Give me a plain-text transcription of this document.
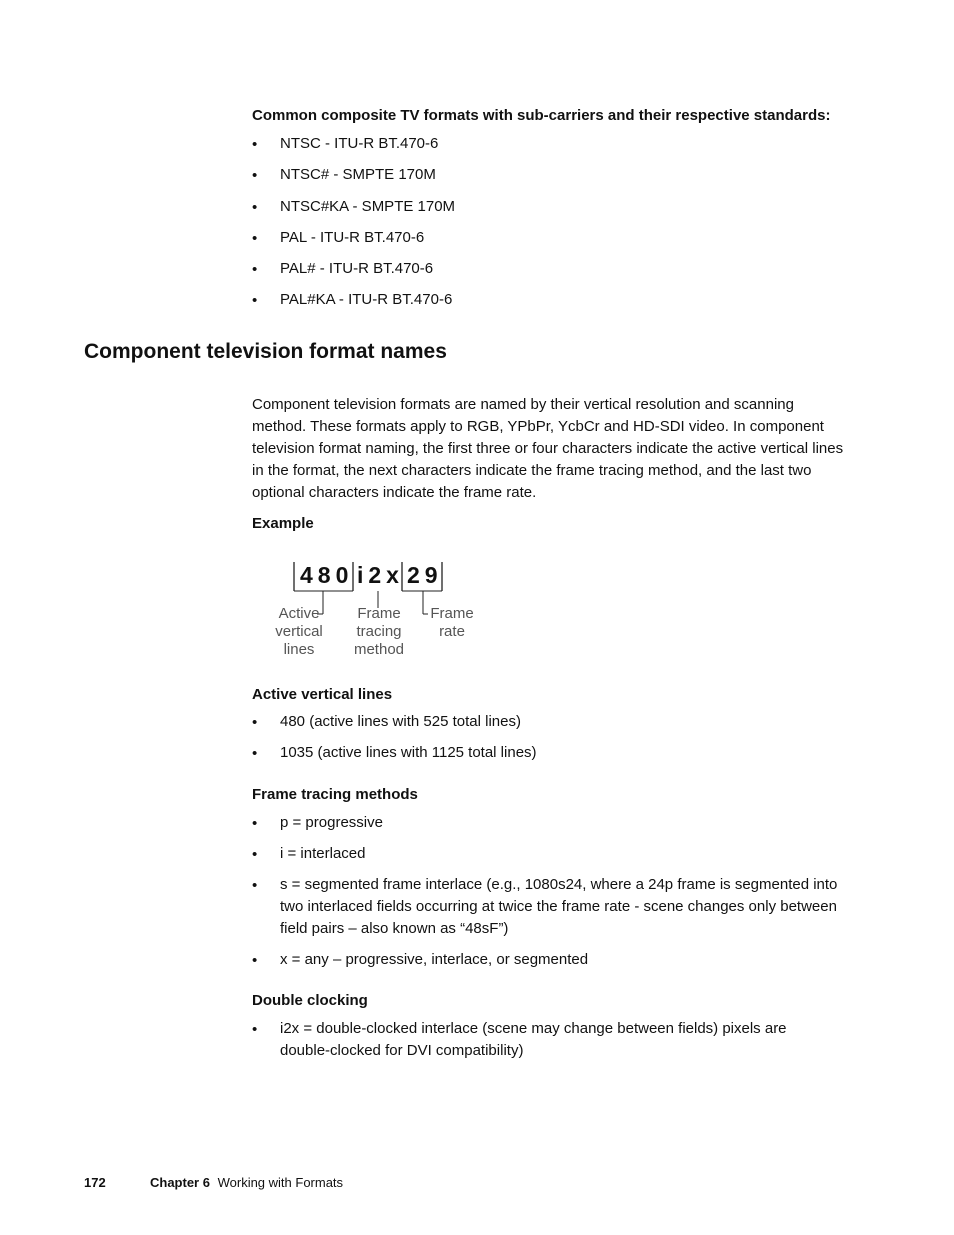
Common composite TV formats with sub-carriers and their respective standards:
• NTSC - ITU-R BT.470-6
• NTSC# - SMPTE 170M
• NTSC#KA - SMPTE 170M
• PAL - ITU-R BT.470-6
• PAL# - ITU-R BT.470-6
• PAL#KA - ITU-R BT.470-6
Component television format names
Component television formats are named by their vertical resolution and scanning
method. These formats apply to RGB, YPbPr, YcbCr and HD-SDI video. In component
television format naming, the first three or four characters indicate the active vertical lines
in the format, the next characters indicate the frame tracing method, and the last two
optional characters indicate the frame rate.
Example
480 i2x 29
Active
vertical
lines
Frame
tracing
method
Frame
rate
Active vertical lines
• 480 (active lines with 525 total lines)
• 1035 (active lines with 1125 total lines)
Frame tracing methods
• p = progressive
• i = interlaced
• s = segmented frame interlace (e.g., 1080s24, where a 24p frame is segmented into
two interlaced fields occurring at twice the frame rate - scene changes only between
field pairs – also known as “48sF”)
• x = any – progressive, interlace, or segmented
Double clocking
• i2x = double-clocked interlace (scene may change between fields) pixels are
double-clocked for DVI compatibility)
172	Chapter 6 Working with Formats
